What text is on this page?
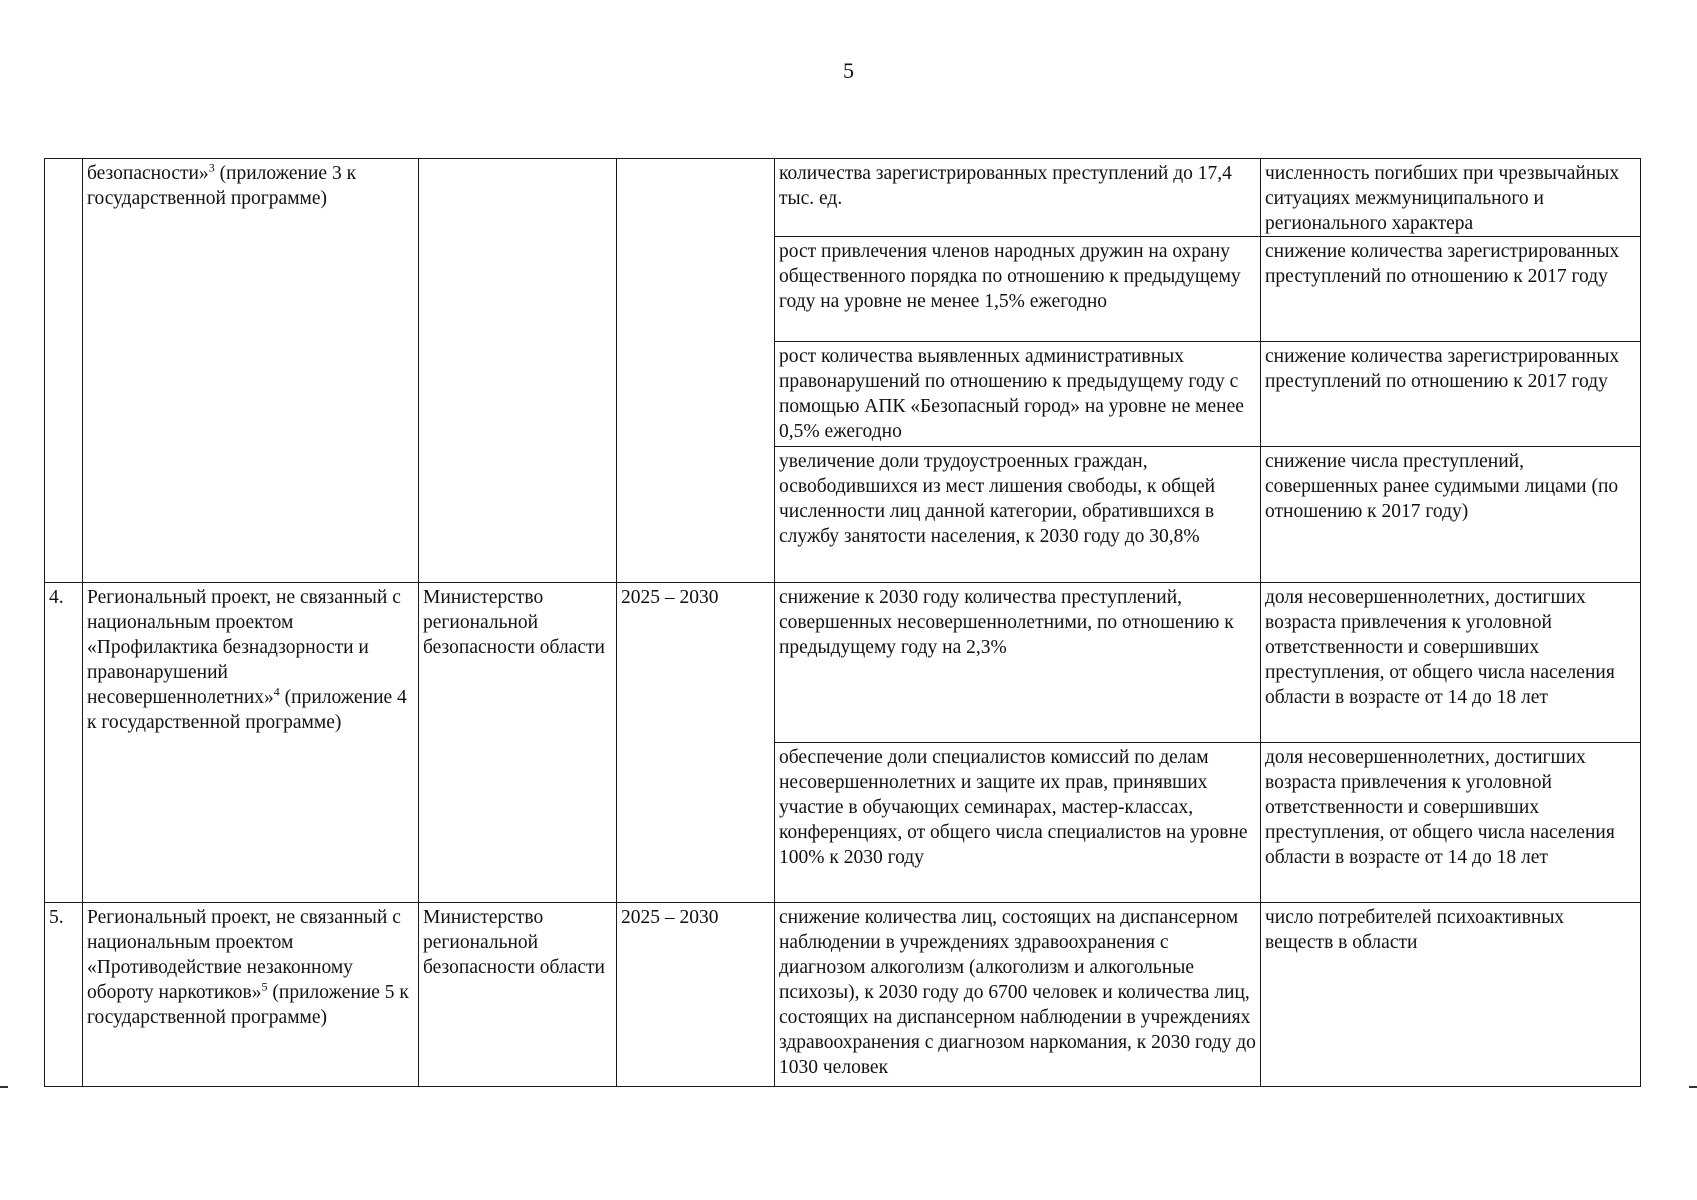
5
	безопасности»$^3$ (приложение 3 к государственной программе)			количества зарегистрированных преступлений до 17,4 тыс. ед.	численность погибших при чрезвычайных ситуациях межмуниципального и регионального характера
				рост привлечения членов народных дружин на охрану общественного порядка по отношению к предыдущему году на уровне не менее 1,5% ежегодно	снижение количества зарегистрированных преступлений по отношению к 2017 году
				рост количества выявленных административных правонарушений по отношению к предыдущему году с помощью АПК «Безопасный город» на уровне не менее 0,5% ежегодно	снижение количества зарегистрированных преступлений по отношению к 2017 году
				увеличение доли трудоустроенных граждан, освободившихся из мест лишения свободы, к общей численности лиц данной категории, обратившихся в службу занятости населения, к 2030 году до 30,8%	снижение числа преступлений, совершенных ранее судимыми лицами (по отношению к 2017 году)
4.	Региональный проект, не связанный с национальным проектом «Профилактика безнадзорности и правонарушений несовершеннолетних»$^4$ (приложение 4 к государственной программе)	Министерство региональной безопасности области	2025 – 2030	снижение к 2030 году количества преступлений, совершенных несовершеннолетними, по отношению к предыдущему году на 2,3%	доля несовершеннолетних, достигших возраста привлечения к уголовной ответственности и совершивших преступления, от общего числа населения области в возрасте от 14 до 18 лет
				обеспечение доли специалистов комиссий по делам несовершеннолетних и защите их прав, принявших участие в обучающих семинарах, мастер-классах, конференциях, от общего числа специалистов на уровне 100% к 2030 году	доля несовершеннолетних, достигших возраста привлечения к уголовной ответственности и совершивших преступления, от общего числа населения области в возрасте от 14 до 18 лет
5.	Региональный проект, не связанный с национальным проектом «Противодействие незаконному обороту наркотиков»$^5$ (приложение 5 к государственной программе)	Министерство региональной безопасности области	2025 – 2030	снижение количества лиц, состоящих на диспансерном наблюдении в учреждениях здравоохранения с диагнозом алкоголизм (алкоголизм и алкогольные психозы), к 2030 году до 6700 человек и количества лиц, состоящих на диспансерном наблюдении в учреждениях здравоохранения с диагнозом наркомания, к 2030 году до 1030 человек	число потребителей психоактивных веществ в области
